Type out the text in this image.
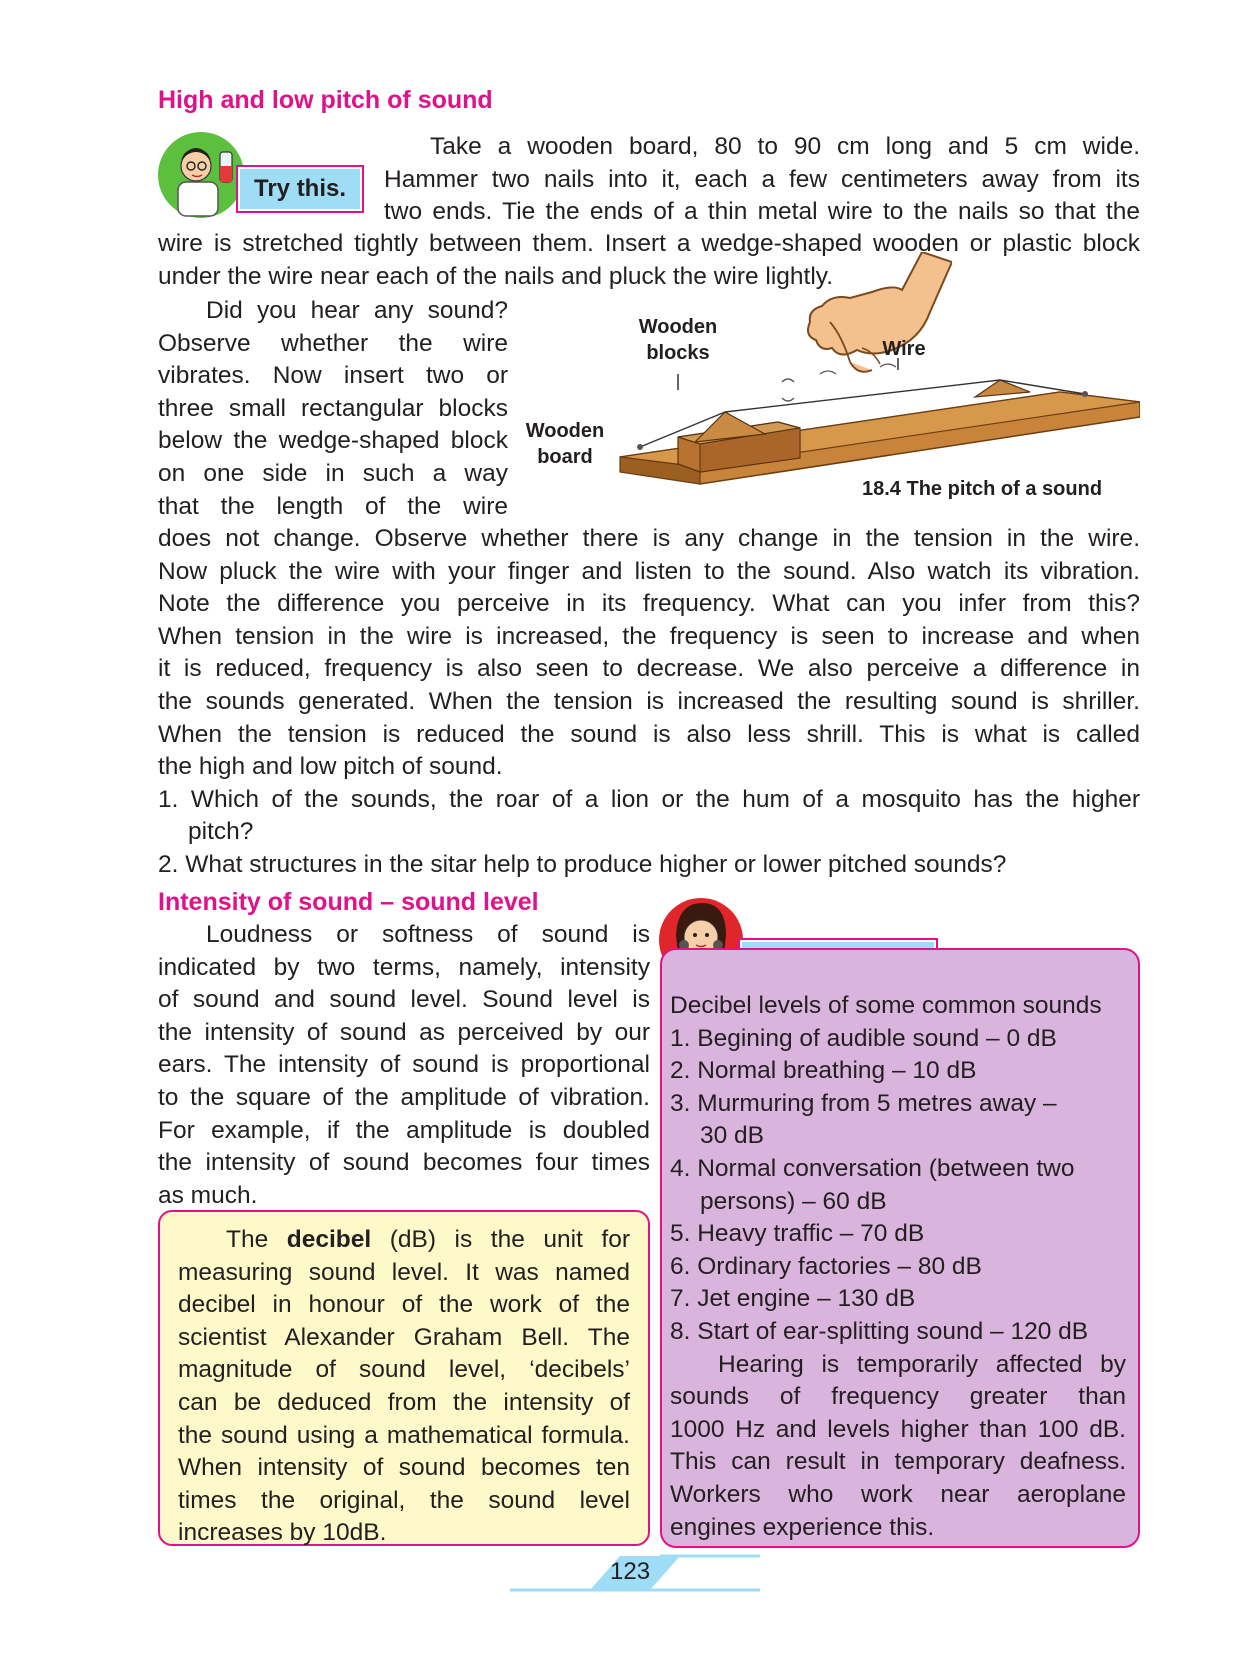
High and low pitch of sound
Try this.

Take a wooden board, 80 to 90 cm long and 5 cm wide.

Hammer two nails into it, each a few centimeters away from its

two ends. Tie the ends of a thin metal wire to the nails so that the

wire is stretched tightly between them. Insert a wedge-shaped wooden or plastic block

under the wire near each of the nails and pluck the wire lightly.

Did you hear any sound?

Observe whether the wire

vibrates. Now insert two or

three small rectangular blocks

below the wedge-shaped block

on one side in such a way

that the length of the wire

Wooden
blocks	Wire
Wooden
board
18.4 The pitch of a sound

does not change. Observe whether there is any change in the tension in the wire.

Now pluck the wire with your finger and listen to the sound. Also watch its vibration.

Note the difference you perceive in its frequency. What can you infer from this?

When tension in the wire is increased, the frequency is seen to increase and when

it is reduced, frequency is also seen to decrease. We also perceive a difference in

the sounds generated. When the tension is increased the resulting sound is shriller.

When the tension is reduced the sound is also less shrill. This is what is called

the high and low pitch of sound.

1. Which of the sounds, the roar of a lion or the hum of a mosquito has the higher

pitch?

2. What structures in the sitar help to produce higher or lower pitched sounds?

Intensity of sound – sound level

Loudness or softness of sound is

indicated by two terms, namely, intensity

of sound and sound level. Sound level is

the intensity of sound as perceived by our

ears. The intensity of sound is proportional

to the square of the amplitude of vibration.

For example, if the amplitude is doubled

the intensity of sound becomes four times

as much.

The decibel (dB) is the unit for

measuring sound level. It was named

decibel in honour of the work of the

scientist Alexander Graham Bell. The

magnitude of sound level, ‘decibels’

can be deduced from the intensity of

the sound using a mathematical formula.

When intensity of sound becomes ten

times the original, the sound level

increases by 10dB.

Decibel levels of some common sounds

1. Begining of audible sound – 0 dB

2. Normal breathing – 10 dB

3. Murmuring from 5 metres away –

30 dB

4. Normal conversation (between two

persons) – 60 dB

5. Heavy traffic – 70 dB

6. Ordinary factories – 80 dB

7. Jet engine – 130 dB

8. Start of ear-splitting sound – 120 dB

Hearing is temporarily affected by

sounds of frequency greater than

1000 Hz and levels higher than 100 dB.

This can result in temporary deafness.

Workers who work near aeroplane

engines experience this.

123
